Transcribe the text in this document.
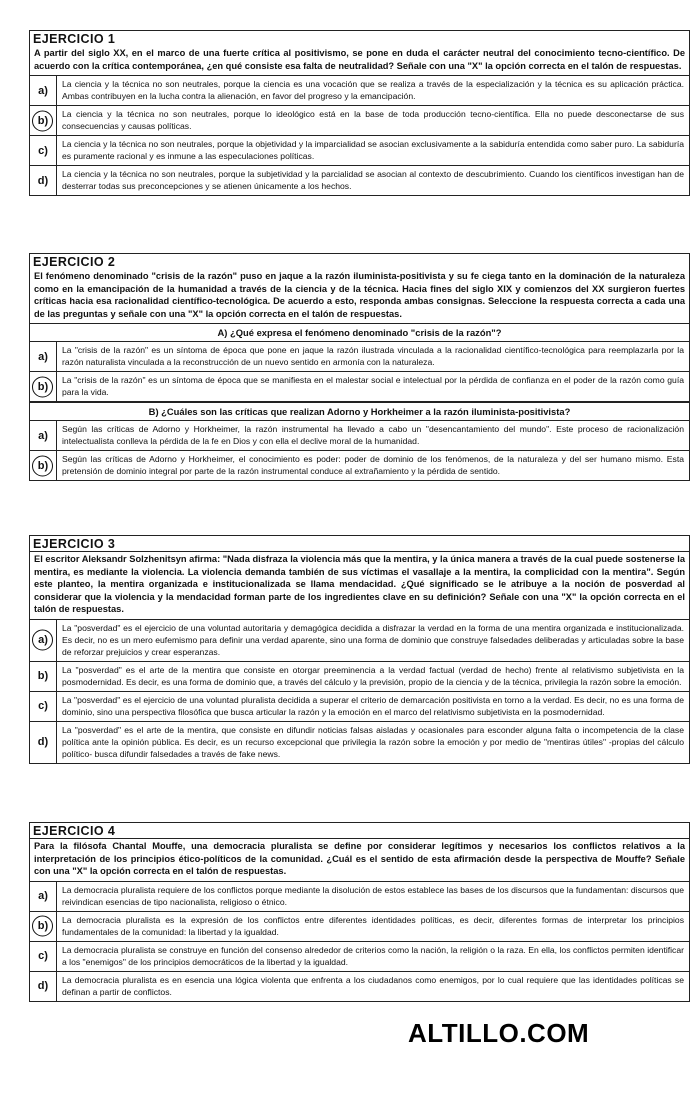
EJERCICIO 1
A partir del siglo XX, en el marco de una fuerte crítica al positivismo, se pone en duda el carácter neutral del conocimiento tecno-científico. De acuerdo con la crítica contemporánea, ¿en qué consiste esa falta de neutralidad? Señale con una "X" la opción correcta en el talón de respuestas.
a)
La ciencia y la técnica no son neutrales, porque la ciencia es una vocación que se realiza a través de la especialización y la técnica es su aplicación práctica. Ambas contribuyen en la lucha contra la alienación, en favor del progreso y la emancipación.
b)
La ciencia y la técnica no son neutrales, porque lo ideológico está en la base de toda producción tecno-científica. Ella no puede desconectarse de sus consecuencias y causas políticas.
c)
La ciencia y la técnica no son neutrales, porque la objetividad y la imparcialidad se asocian exclusivamente a la sabiduría entendida como saber puro. La sabiduría es puramente racional y es inmune a las especulaciones políticas.
d)
La ciencia y la técnica no son neutrales, porque la subjetividad y la parcialidad se asocian al contexto de descubrimiento. Cuando los científicos investigan han de desterrar todas sus preconcepciones y se atienen únicamente a los hechos.
EJERCICIO 2
El fenómeno denominado "crisis de la razón" puso en jaque a la razón iluminista-positivista y su fe ciega tanto en la dominación de la naturaleza como en la emancipación de la humanidad a través de la ciencia y de la técnica. Hacia fines del siglo XIX y comienzos del XX surgieron fuertes críticas hacia esa racionalidad científico-tecnológica. De acuerdo a esto, responda ambas consignas. Seleccione la respuesta correcta a cada una de las preguntas y señale con una "X" la opción correcta en el talón de respuestas.
A) ¿Qué expresa el fenómeno denominado "crisis de la razón"?
a)
La "crisis de la razón" es un síntoma de época que pone en jaque la razón ilustrada vinculada a la racionalidad científico-tecnológica para reemplazarla por la razón naturalista vinculada a la reconstrucción de un nuevo sentido en armonía con la naturaleza.
b)
La "crisis de la razón" es un síntoma de época que se manifiesta en el malestar social e intelectual por la pérdida de confianza en el poder de la razón como guía para la vida.
B) ¿Cuáles son las críticas que realizan Adorno y Horkheimer a la razón iluminista-positivista?
a)
Según las críticas de Adorno y Horkheimer, la razón instrumental ha llevado a cabo un "desencantamiento del mundo". Este proceso de racionalización intelectualista conlleva la pérdida de la fe en Dios y con ella el declive moral de la humanidad.
b)
Según las críticas de Adorno y Horkheimer, el conocimiento es poder: poder de dominio de los fenómenos, de la naturaleza y del ser humano mismo. Esta pretensión de dominio integral por parte de la razón instrumental conduce al extrañamiento y la pérdida de sentido.
EJERCICIO 3
El escritor Aleksandr Solzhenitsyn afirma: "Nada disfraza la violencia más que la mentira, y la única manera a través de la cual puede sostenerse la mentira, es mediante la violencia. La violencia demanda también de sus víctimas el vasallaje a la mentira, la complicidad con la mentira". Según este planteo, la mentira organizada e institucionalizada se llama mendacidad. ¿Qué significado se le atribuye a la noción de posverdad al considerar que la violencia y la mendacidad forman parte de los ingredientes clave en su definición? Señale con una "X" la opción correcta en el talón de respuestas.
a)
La "posverdad" es el ejercicio de una voluntad autoritaria y demagógica decidida a disfrazar la verdad en la forma de una mentira organizada e institucionalizada. Es decir, no es un mero eufemismo para definir una verdad aparente, sino una forma de dominio que construye falsedades deliberadas y articuladas sobre la base de reforzar prejuicios y crear esperanzas.
b)
La "posverdad" es el arte de la mentira que consiste en otorgar preeminencia a la verdad factual (verdad de hecho) frente al relativismo subjetivista en la posmodernidad. Es decir, es una forma de dominio que, a través del cálculo y la previsión, propio de la ciencia y de la técnica, privilegia la razón sobre la emoción.
c)
La "posverdad" es el ejercicio de una voluntad pluralista decidida a superar el criterio de demarcación positivista en torno a la verdad. Es decir, no es una forma de dominio, sino una perspectiva filosófica que busca articular la razón y la emoción en el marco del relativismo subjetivista en la posmodernidad.
d)
La "posverdad" es el arte de la mentira, que consiste en difundir noticias falsas aisladas y ocasionales para esconder alguna falta o incompetencia de la clase política ante la opinión pública. Es decir, es un recurso excepcional que privilegia la razón sobre la emoción y por medio de "mentiras útiles" -propias del cálculo político- busca difundir falsedades a través de fake news.
EJERCICIO 4
Para la filósofa Chantal Mouffe, una democracia pluralista se define por considerar legítimos y necesarios los conflictos relativos a la interpretación de los principios ético-políticos de la comunidad. ¿Cuál es el sentido de esta afirmación desde la perspectiva de Mouffe? Señale con una "X" la opción correcta en el talón de respuestas.
a)
La democracia pluralista requiere de los conflictos porque mediante la disolución de estos establece las bases de los discursos que la fundamentan: discursos que reivindican esencias de tipo nacionalista, religioso o étnico.
b)
La democracia pluralista es la expresión de los conflictos entre diferentes identidades políticas, es decir, diferentes formas de interpretar los principios fundamentales de la comunidad: la libertad y la igualdad.
c)
La democracia pluralista se construye en función del consenso alrededor de criterios como la nación, la religión o la raza. En ella, los conflictos permiten identificar a los "enemigos" de los principios democráticos de la libertad y la igualdad.
d)
La democracia pluralista es en esencia una lógica violenta que enfrenta a los ciudadanos como enemigos, por lo cual requiere que las identidades políticas se definan a partir de conflictos.
ALTILLO.COM
